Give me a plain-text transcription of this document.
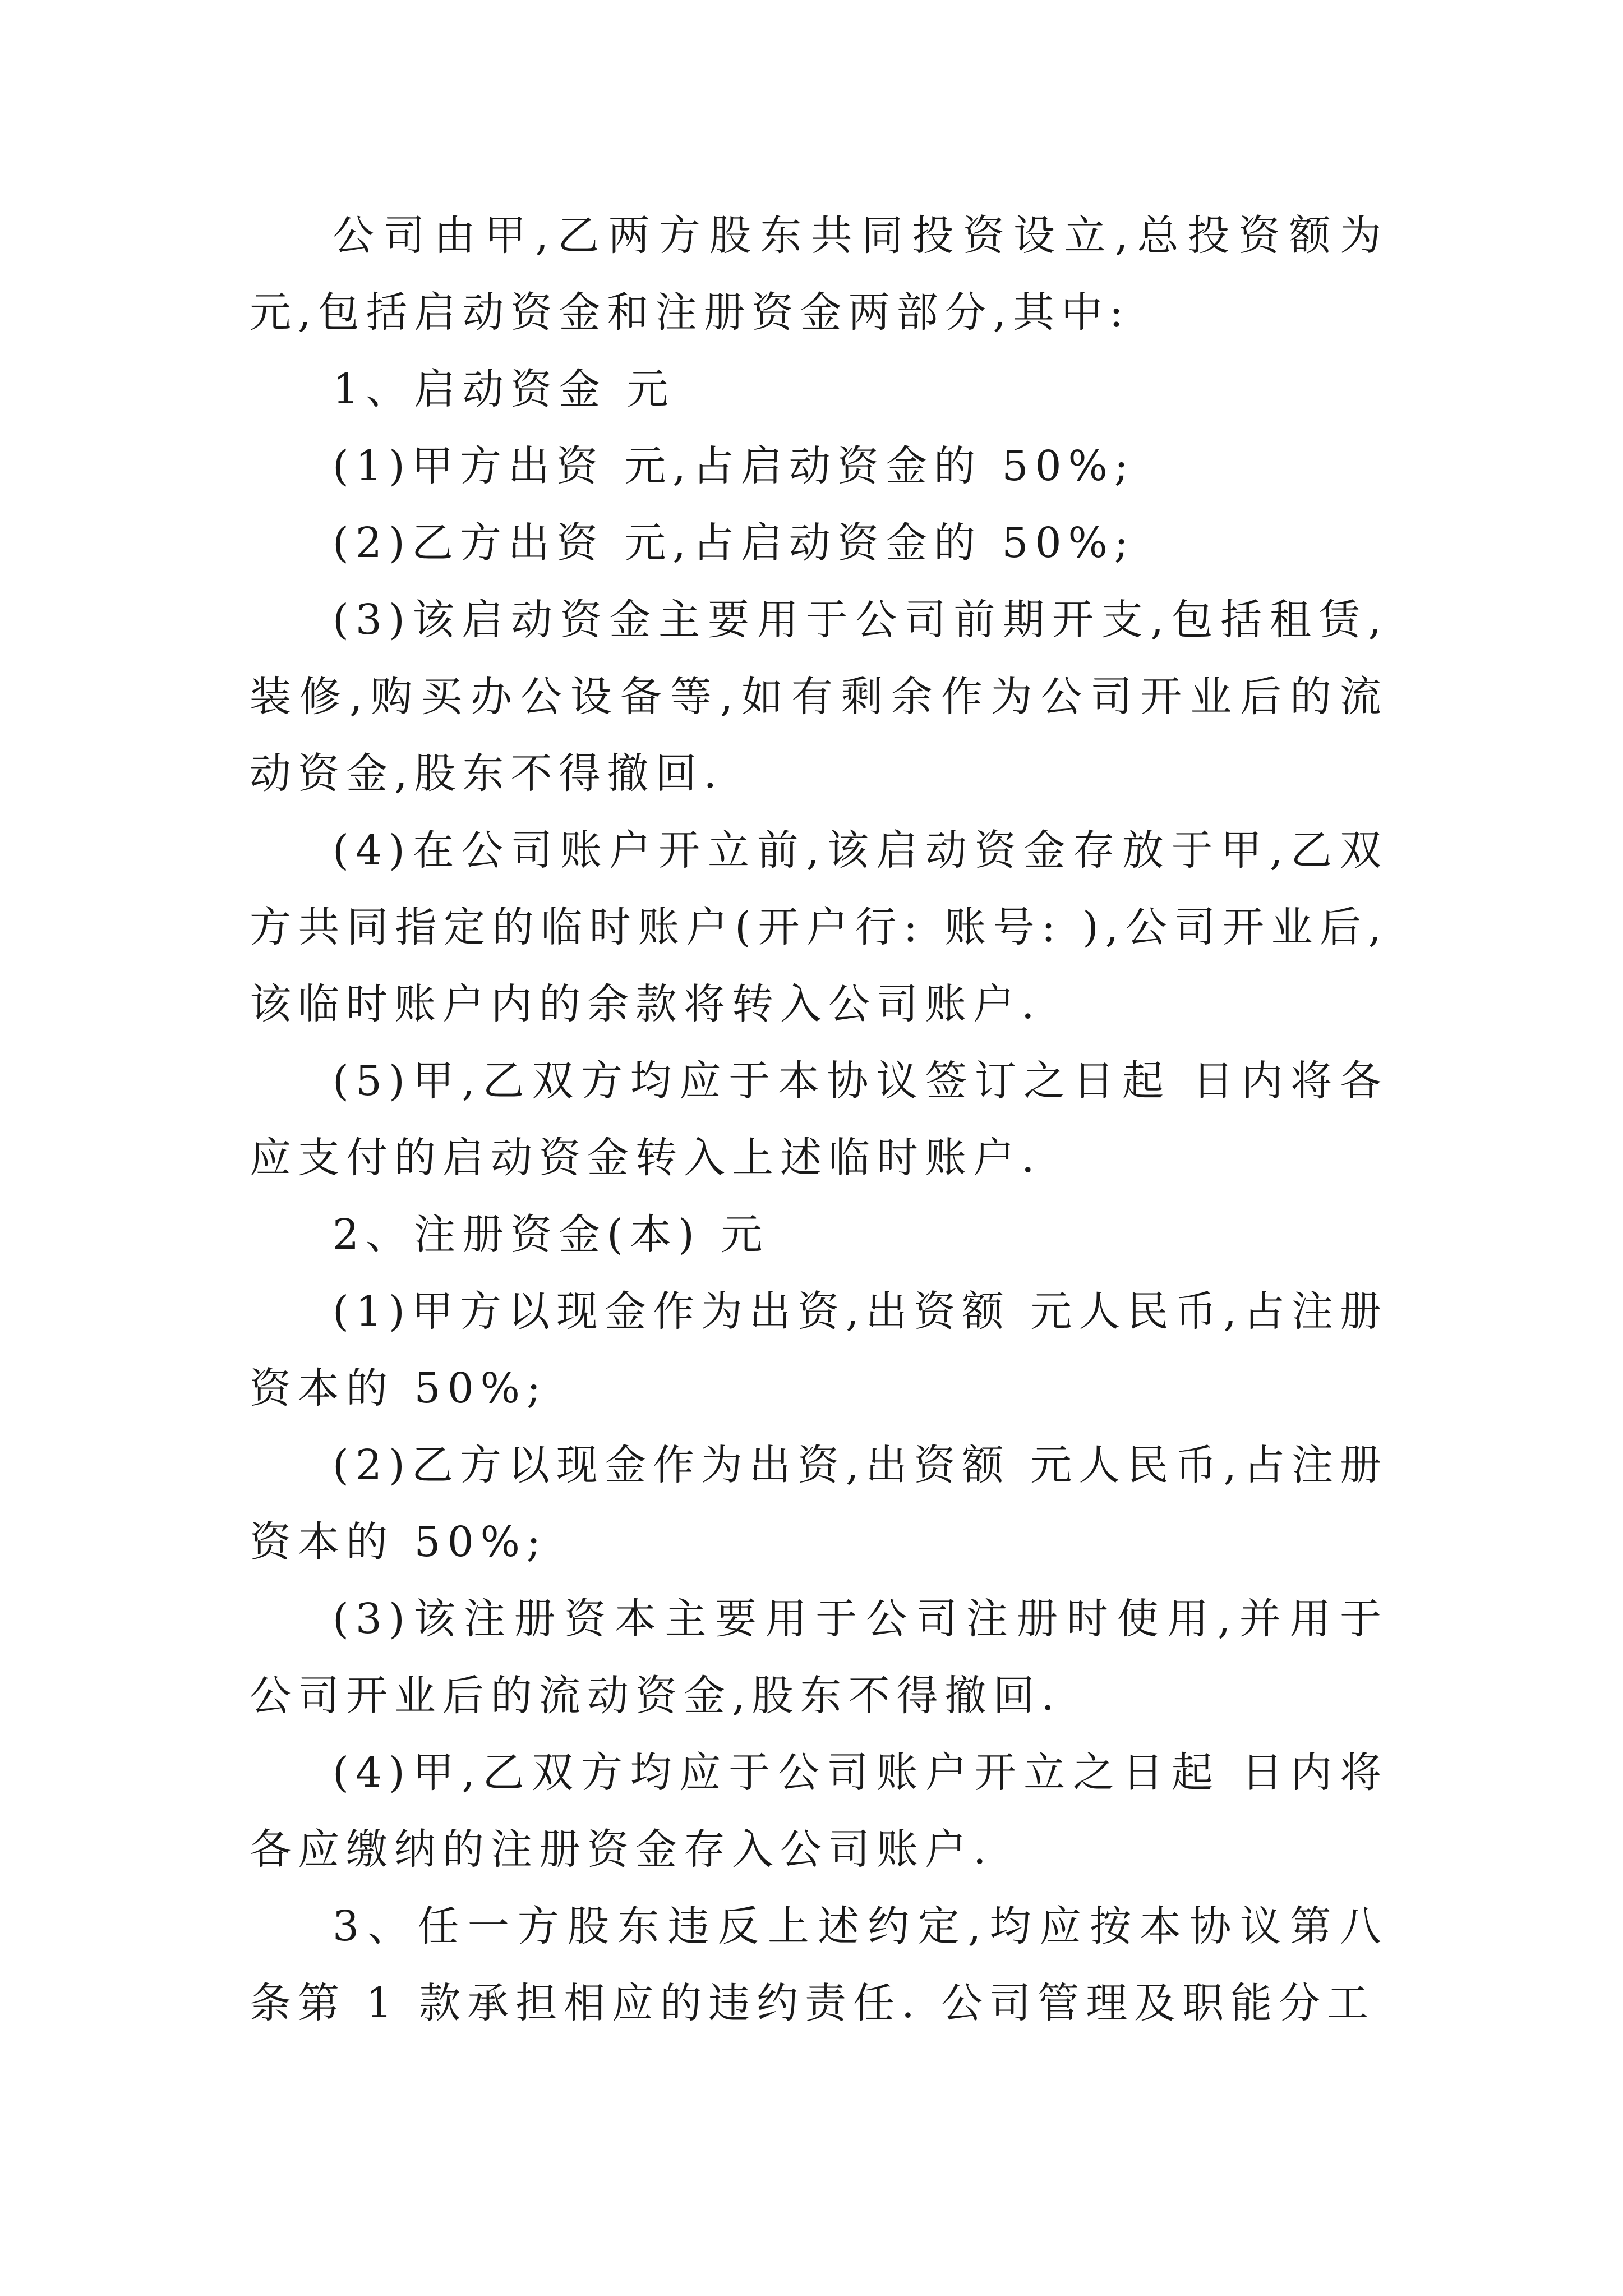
公司由甲,乙两方股东共同投资设立,总投资额为 元,包括启动资金和注册资金两部分,其中:

1、启动资金 元

(1)甲方出资 元,占启动资金的 50%;

(2)乙方出资 元,占启动资金的 50%;

(3)该启动资金主要用于公司前期开支,包括租赁,装修,购买办公设备等,如有剩余作为公司开业后的流动资金,股东不得撤回.

(4)在公司账户开立前,该启动资金存放于甲,乙双方共同指定的临时账户(开户行: 账号: ),公司开业后,该临时账户内的余款将转入公司账户.

(5)甲,乙双方均应于本协议签订之日起 日内将各应支付的启动资金转入上述临时账户.

2、注册资金(本) 元

(1)甲方以现金作为出资,出资额 元人民币,占注册资本的 50%;

(2)乙方以现金作为出资,出资额 元人民币,占注册资本的 50%;

(3)该注册资本主要用于公司注册时使用,并用于公司开业后的流动资金,股东不得撤回.

(4)甲,乙双方均应于公司账户开立之日起 日内将各应缴纳的注册资金存入公司账户.

3、任一方股东违反上述约定,均应按本协议第八条第 1 款承担相应的违约责任. 公司管理及职能分工
